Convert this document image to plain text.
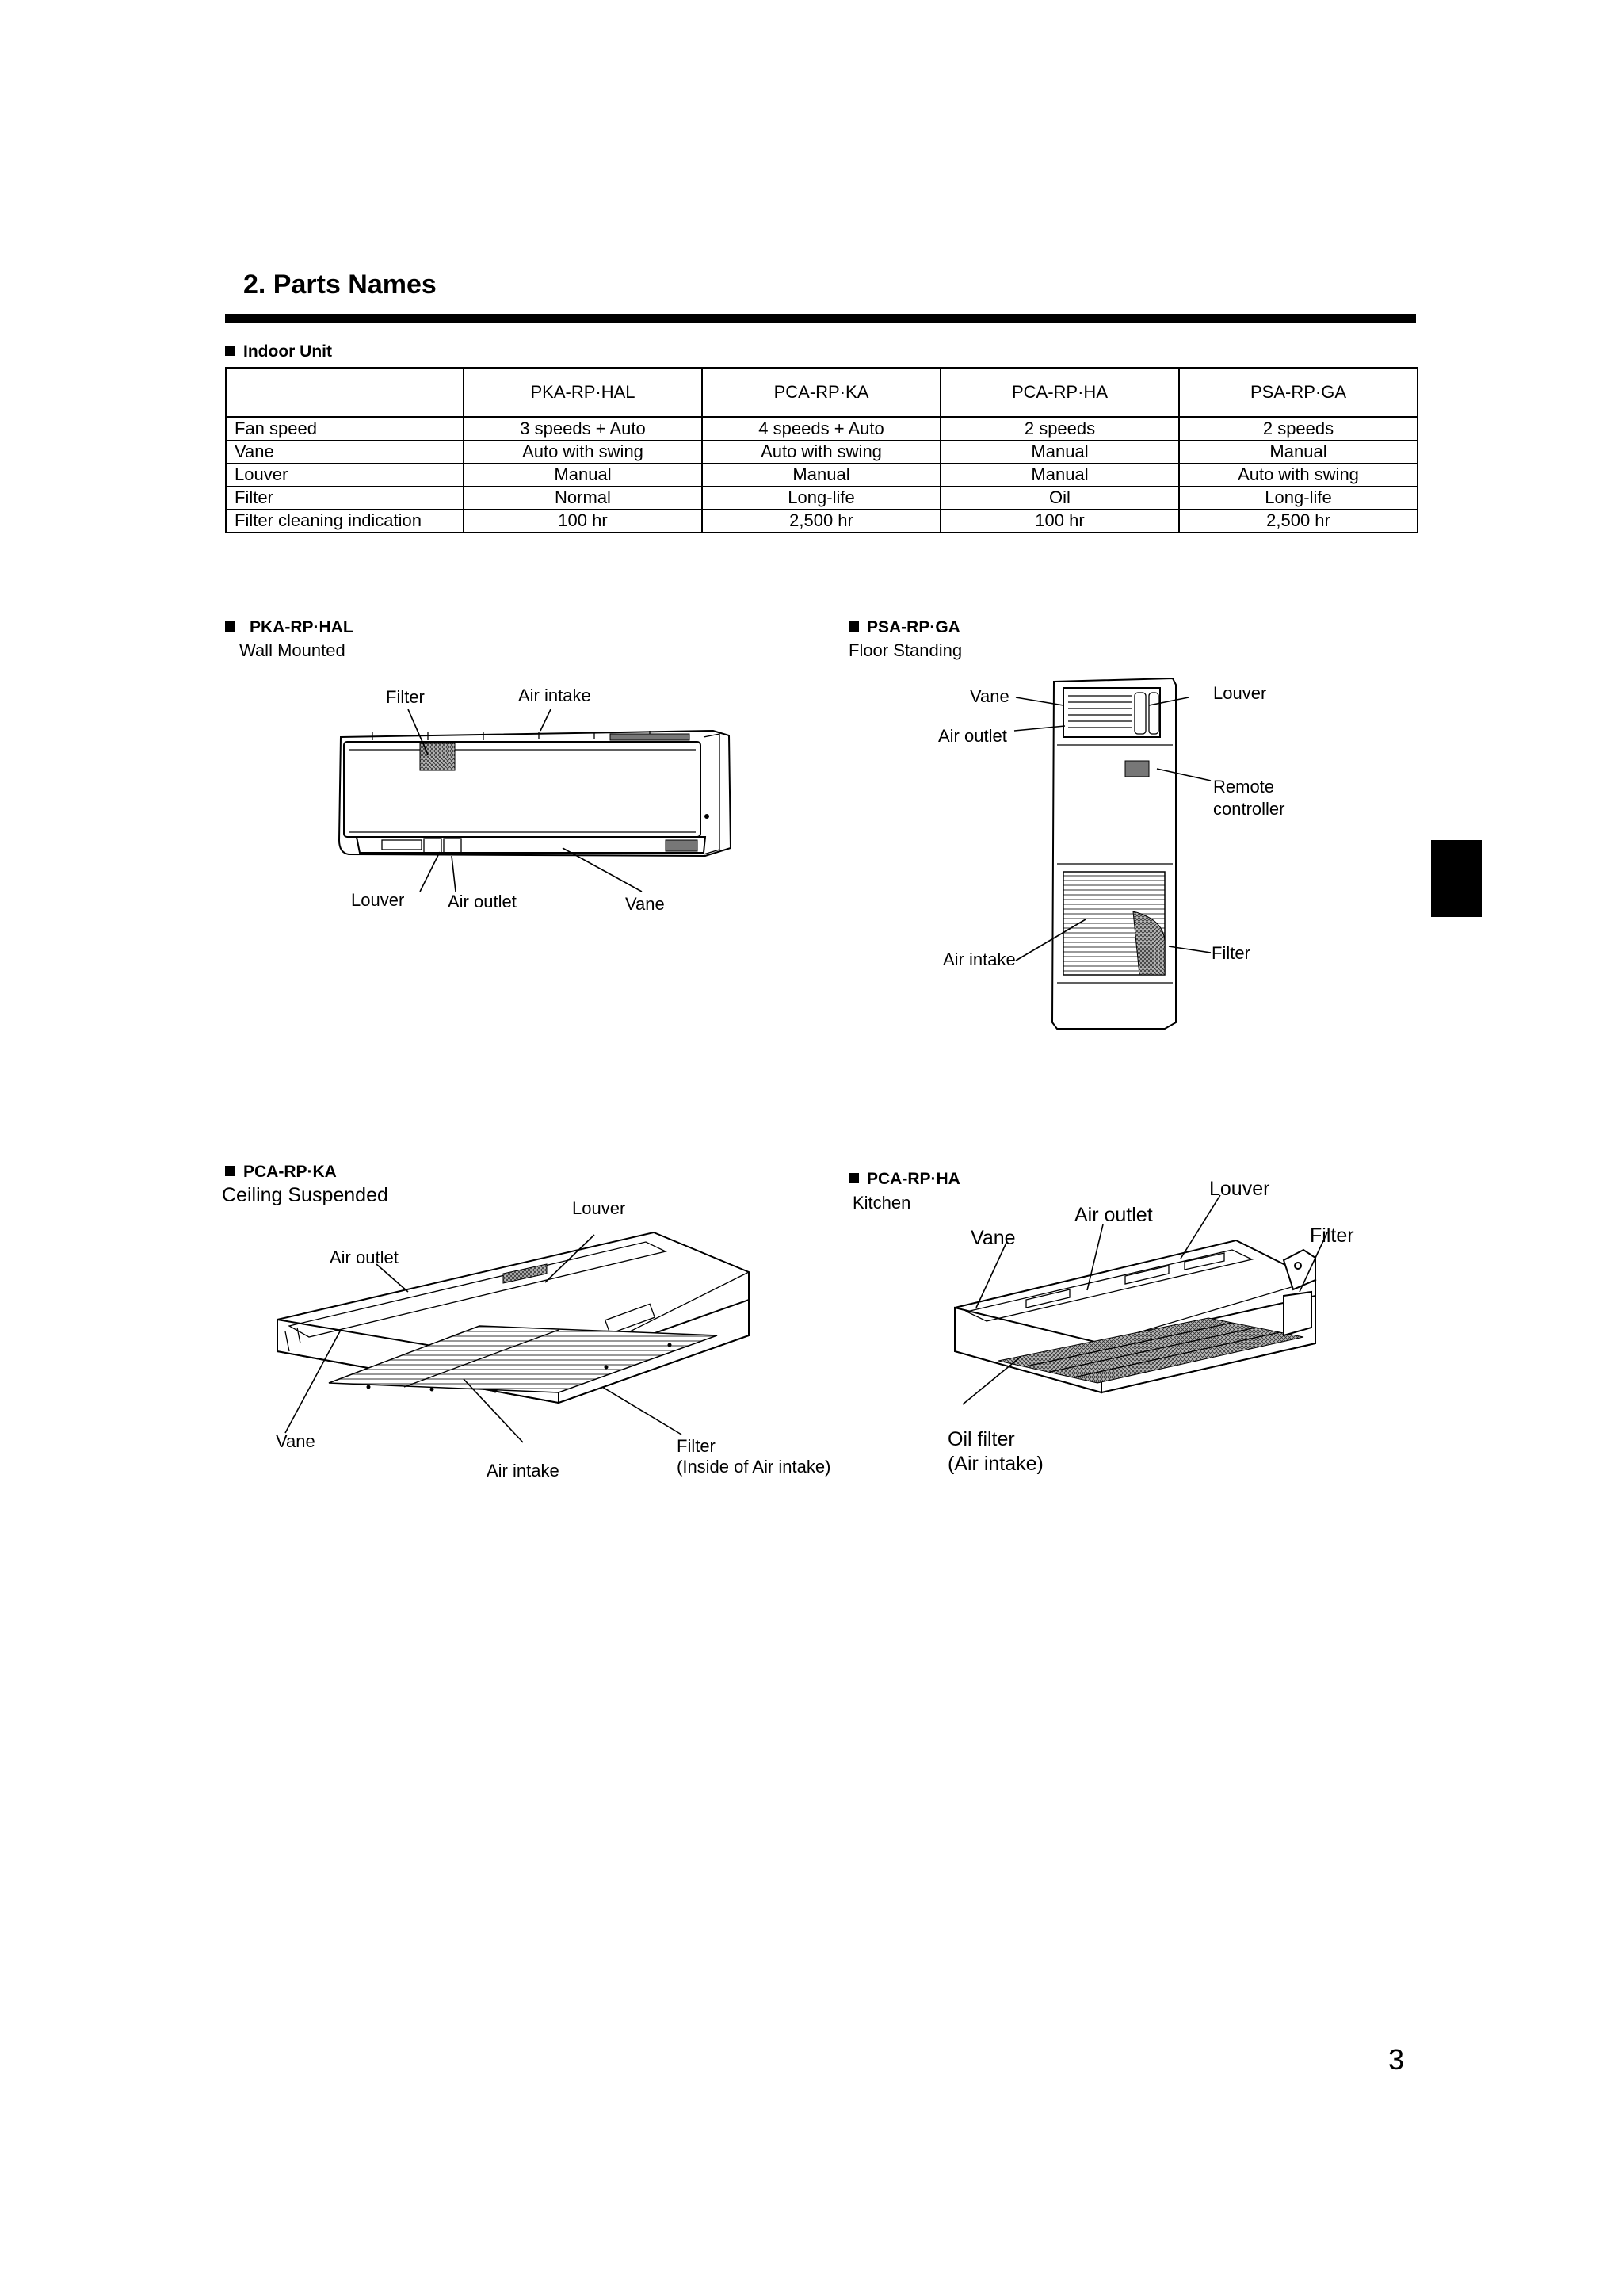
2. Parts Names
Indoor Unit
	PKA-RP·HAL	PCA-RP·KA	PCA-RP·HA	PSA-RP·GA
Fan speed	3 speeds + Auto	4 speeds + Auto	2 speeds	2 speeds
Vane	Auto with swing	Auto with swing	Manual	Manual
Louver	Manual	Manual	Manual	Auto with swing
Filter	Normal	Long-life	Oil	Long-life
Filter cleaning indication	100 hr	2,500 hr	100 hr	2,500 hr
PKA-RP·HAL
Wall Mounted
Filter	Air intake
Louver Air outlet	Vane
PSA-RP·GA
Floor Standing
Vane	Louver
Air outlet
Remote
controller
Air intake	Filter
PCA-RP·KA
Ceiling Suspended
Louver
Air outlet
Vane
Air intake
Filter
(Inside of Air intake)
PCA-RP·HA
Kitchen
Louver
Air outlet
Vane	Filter
Oil filter
(Air intake)
3
